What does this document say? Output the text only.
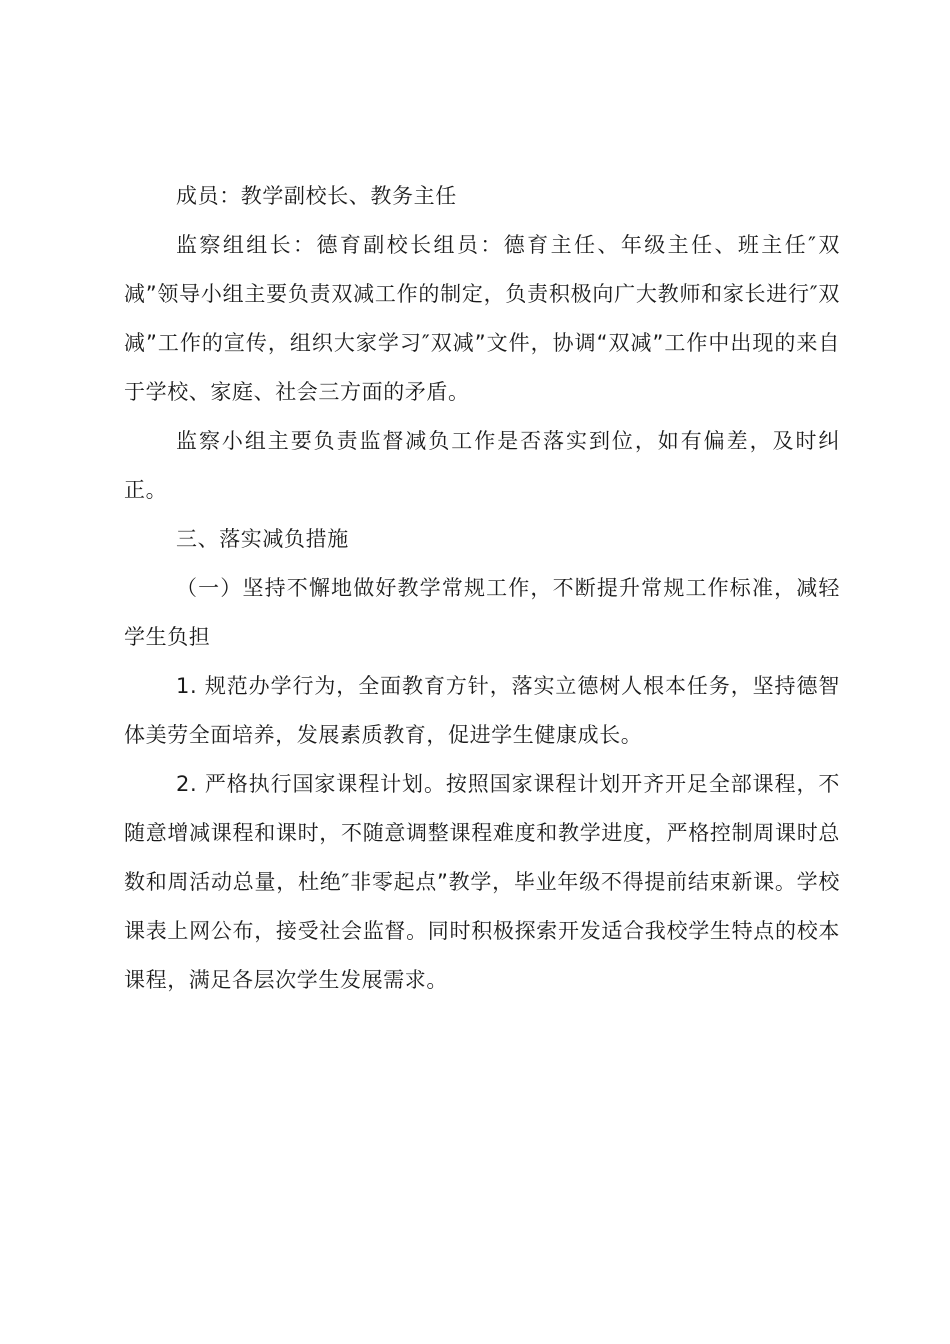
成员：教学副校长、教务主任

监察组组长：德育副校长组员：德育主任、年级主任、班主任″双减”领导小组主要负责双减工作的制定，负责积极向广大教师和家长进行″双减”工作的宣传，组织大家学习″双减”文件，协调“双减”工作中出现的来自于学校、家庭、社会三方面的矛盾。

监察小组主要负责监督减负工作是否落实到位，如有偏差，及时纠正。

三、落实减负措施

（一）坚持不懈地做好教学常规工作，不断提升常规工作标准，减轻学生负担

1. 规范办学行为，全面教育方针，落实立德树人根本任务，坚持德智体美劳全面培养，发展素质教育，促进学生健康成长。

2. 严格执行国家课程计划。按照国家课程计划开齐开足全部课程，不随意增减课程和课时，不随意调整课程难度和教学进度，严格控制周课时总数和周活动总量，杜绝″非零起点”教学，毕业年级不得提前结束新课。学校课表上网公布，接受社会监督。同时积极探索开发适合我校学生特点的校本课程，满足各层次学生发展需求。
